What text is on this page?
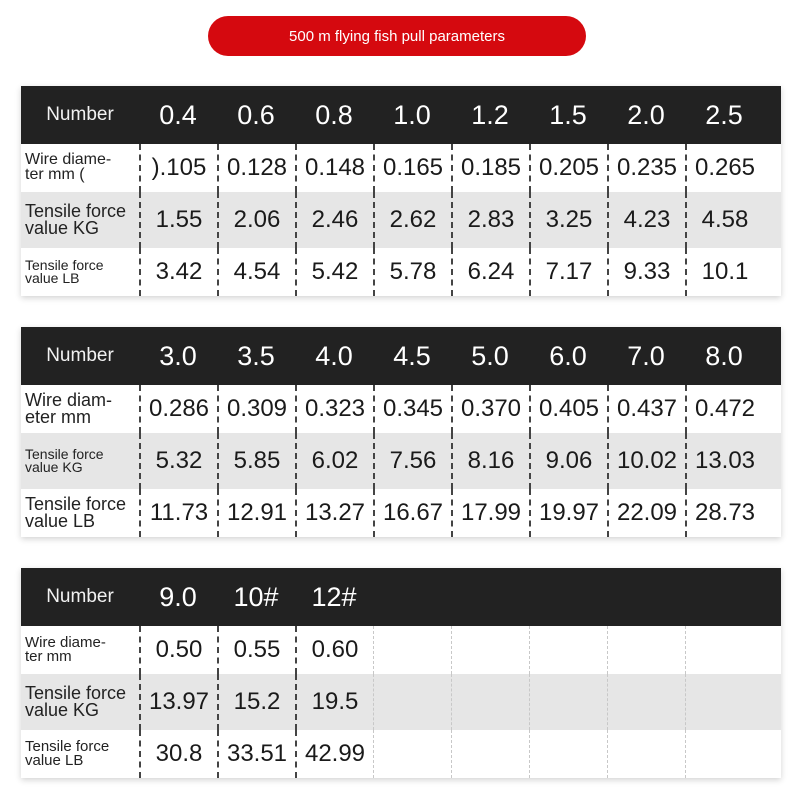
500 m flying fish pull parameters
Number	0.4	0.6	0.8	1.0	1.2	1.5	2.0	2.5
Wire diame-
ter mm (	).105 0.128 0.148 0.165 0.185 0.205 0.235 0.265
Tensile force
value KG	1.55	2.06	2.46	2.62	2.83	3.25	4.23	4.58
Tensile force
value LB	3.42	4.54	5.42	5.78	6.24	7.17	9.33	10.1
Number	3.0	3.5	4.0	4.5	5.0	6.0	7.0	8.0
Wire diam-
eter mm	0.286 0.309 0.323 0.345 0.370 0.405 0.437 0.472
Tensile force
value KG	5.32	5.85	6.02	7.56	8.16	9.06	10.02 13.03
Tensile force
value LB	11.73 12.91 13.27 16.67 17.99 19.97 22.09 28.73
Number	9.0	10#	12#
Wire diame-
ter mm	0.50	0.55	0.60
Tensile force
value KG	13.97	15.2	19.5
Tensile force
value LB	30.8	33.51 42.99
